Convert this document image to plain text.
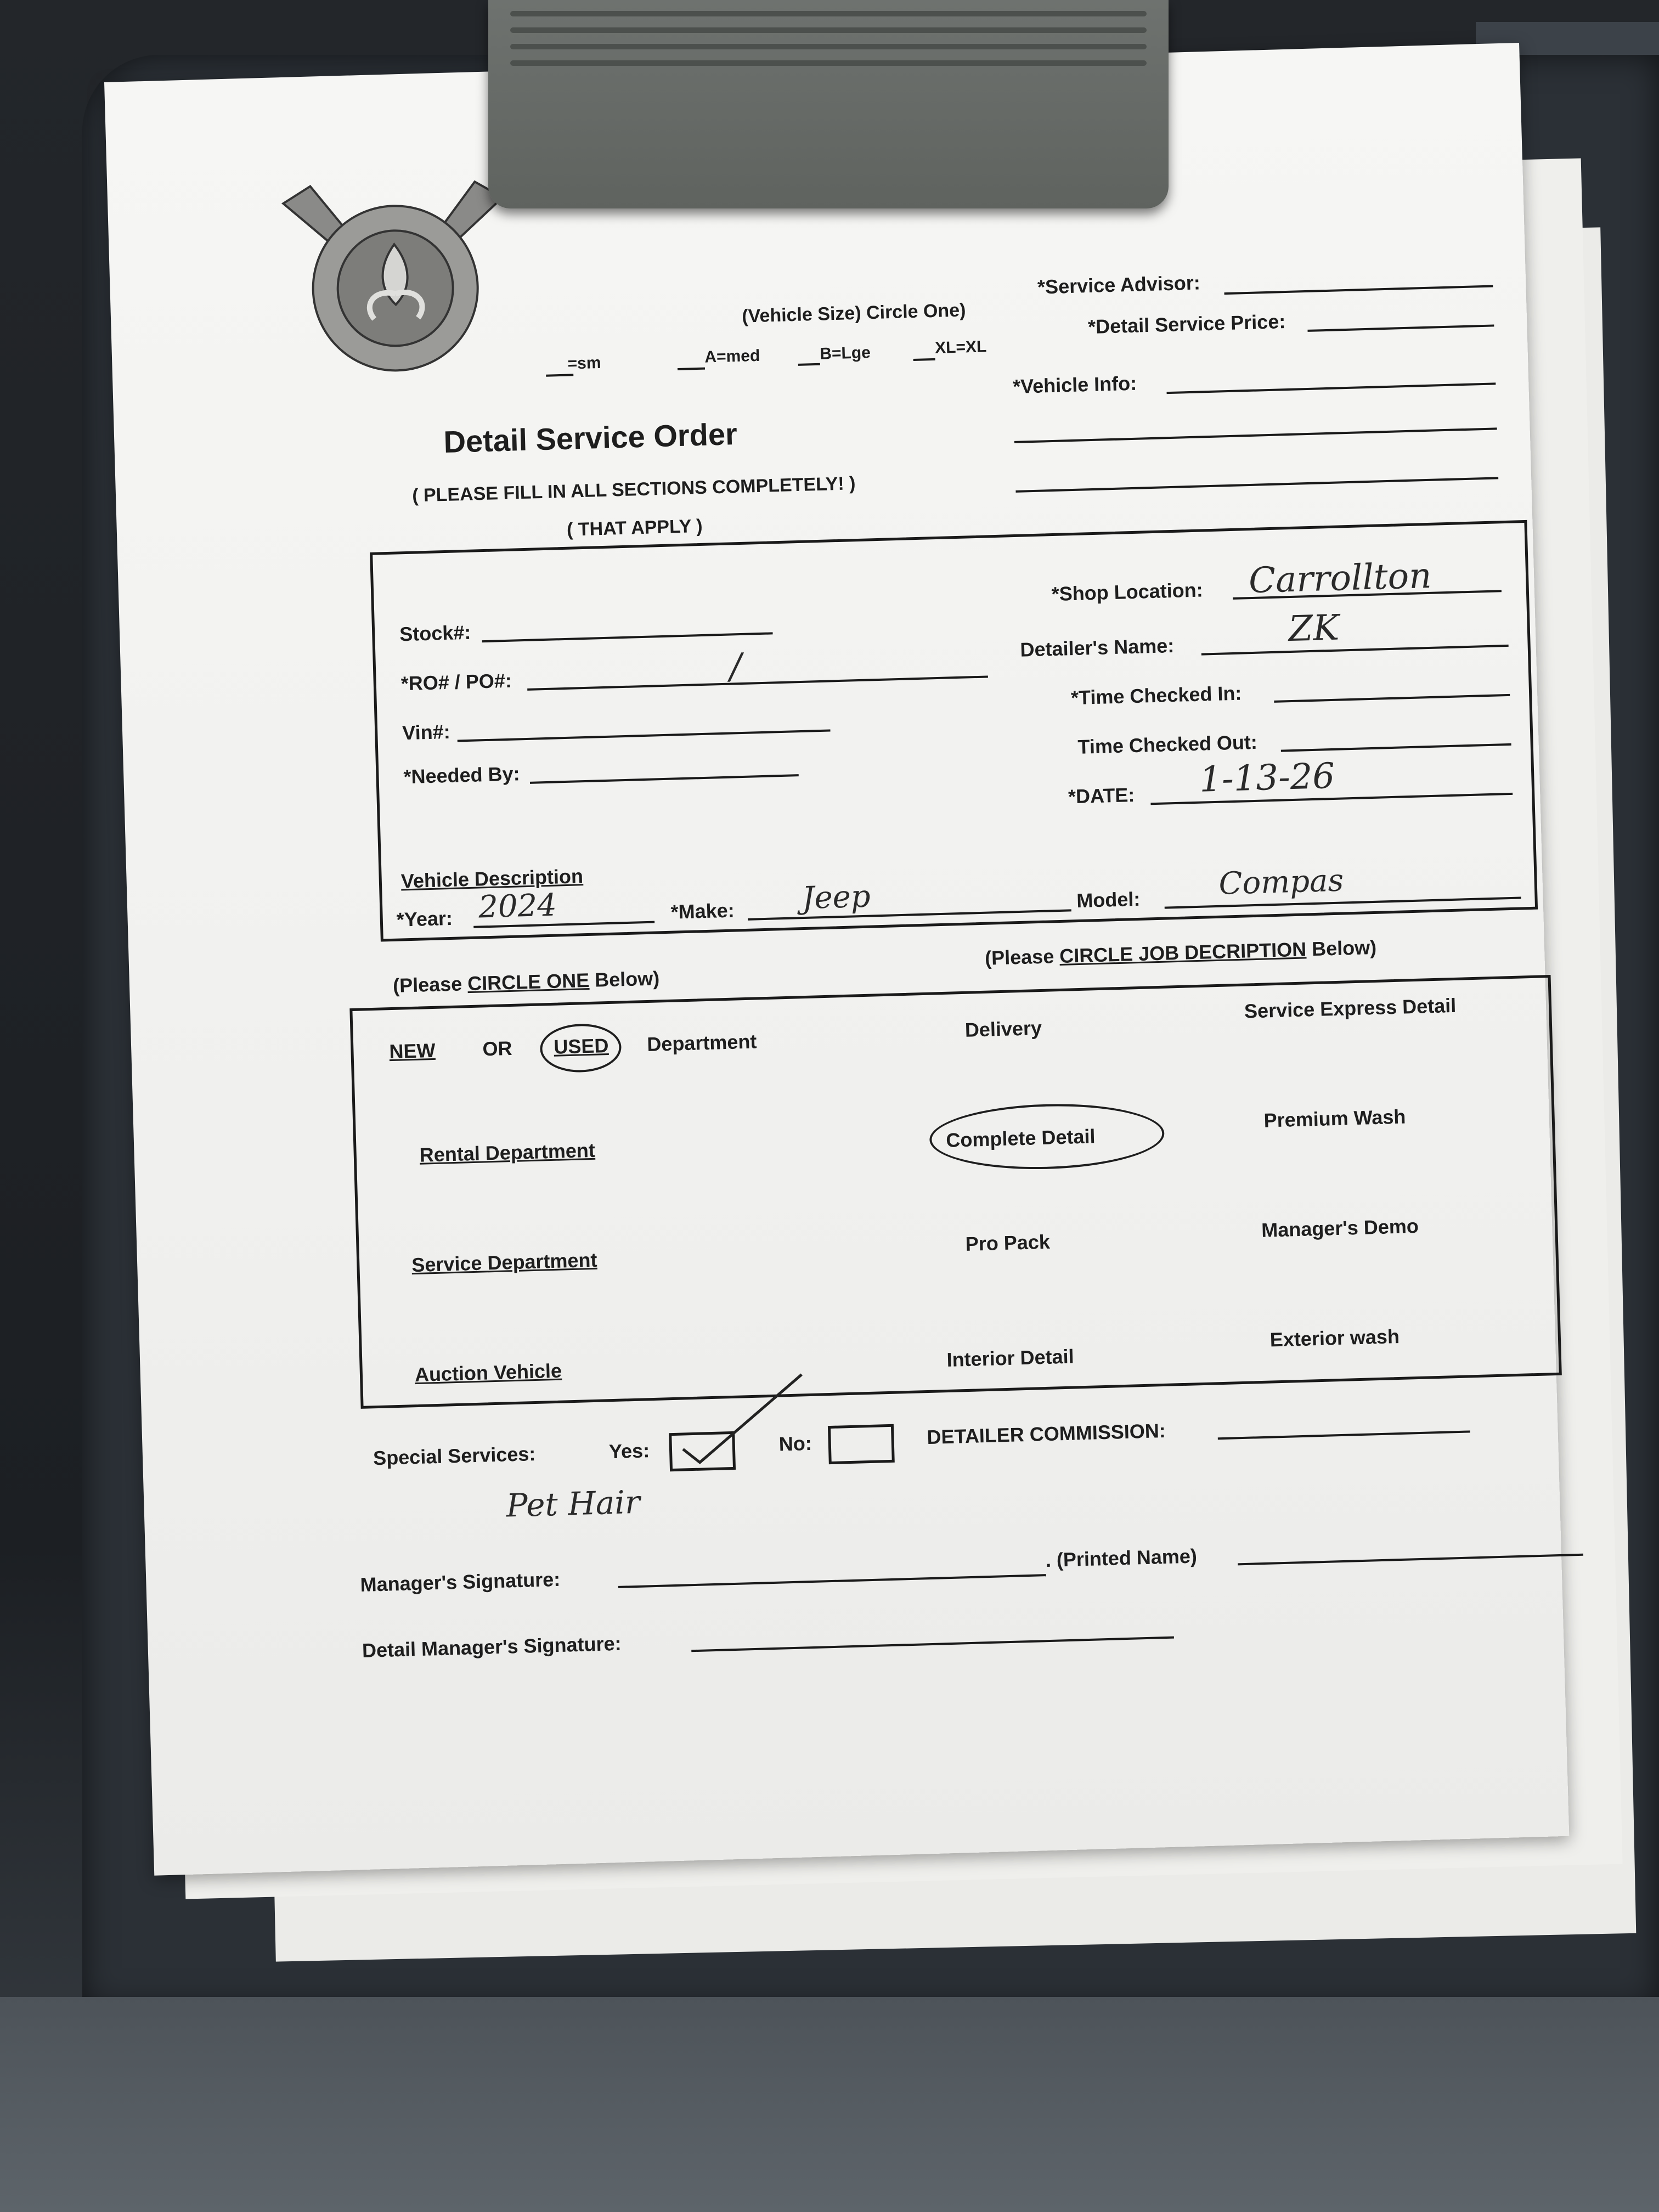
(Vehicle Size) Circle One)
=sm	A=med	B=Lge	XL=XL
*Service Advisor:
*Detail Service Price:
*Vehicle Info:
Detail Service Order
( PLEASE FILL IN ALL SECTIONS COMPLETELY! )
( THAT APPLY )
Stock#:
*RO# / PO#:	/
Vin#:
*Needed By:
*Shop Location: Carrollton
Detailer's Name:	ZK
*Time Checked In:
Time Checked Out:
*DATE: 1-13-26
Vehicle Description
*Year: 2024	*Make: Jeep	Model:	Compas
(Please CIRCLE ONE Below)
(Please CIRCLE JOB DECRIPTION Below)
NEW OR USED Department
Rental Department
Service Department
Auction Vehicle
Delivery
Service Express Detail
Complete Detail
Premium Wash
Pro Pack
Manager's Demo
Interior Detail
Exterior wash
Special Services:	Yes:	No:
Pet Hair
DETAILER COMMISSION:
Manager's Signature:
. (Printed Name)
Detail Manager's Signature:
